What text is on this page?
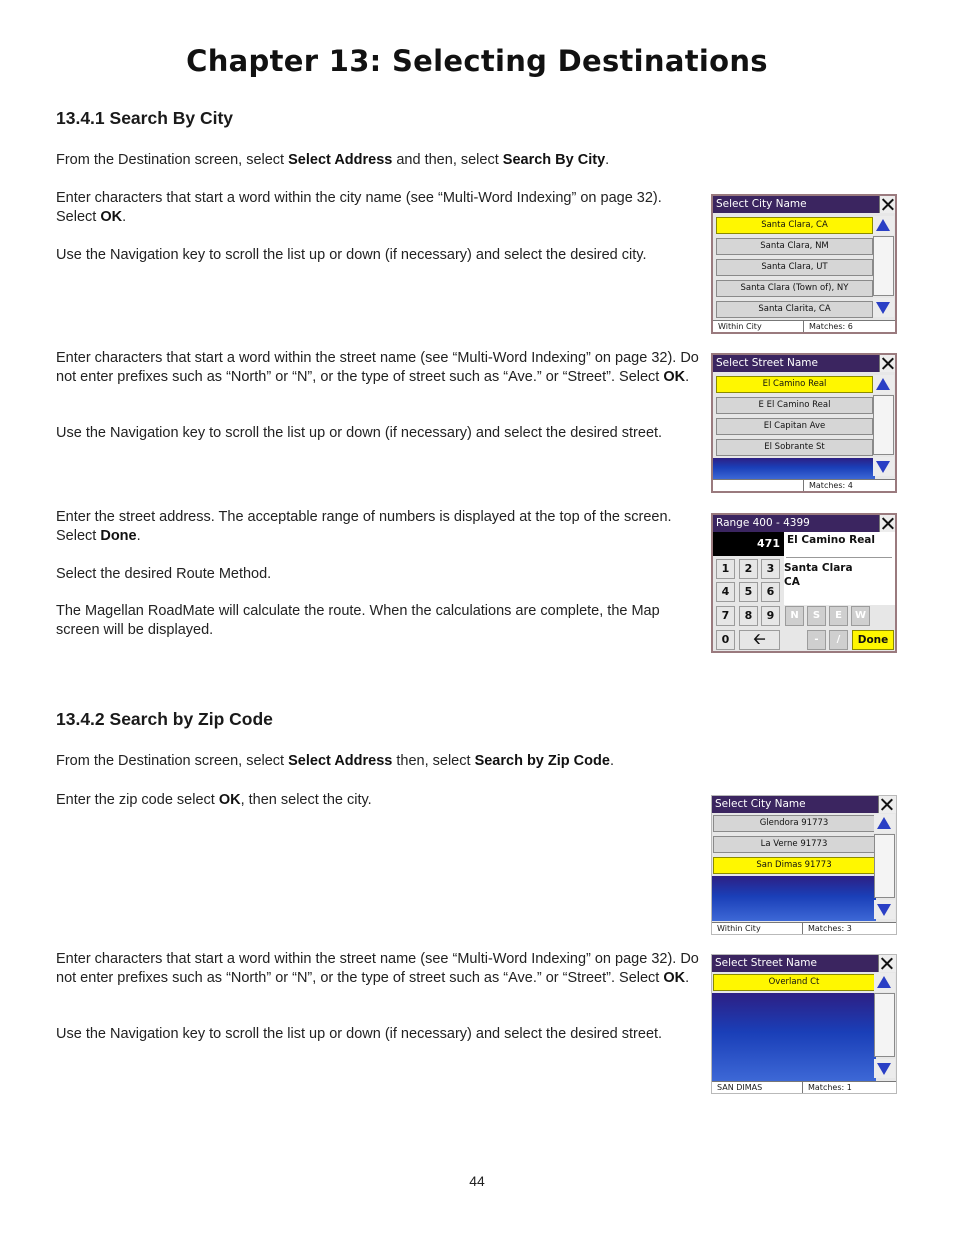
Chapter 13: Selecting Destinations
13.4.1 Search By City
From the Destination screen, select Select Address and then, select Search By City.
Enter characters that start a word within the city name (see “Multi-Word Indexing” on page 32). Select OK.
Use the Navigation key to scroll the list up or down (if necessary) and select the desired city.
Enter characters that start a word within the street name (see “Multi-Word Indexing” on page 32). Do not enter prefixes such as “North” or “N”, or the type of street such as “Ave.” or “Street”. Select OK.
Use the Navigation key to scroll the list up or down (if necessary) and select the desired street.
Enter the street address. The acceptable range of numbers is displayed at the top of the screen. Select Done.
Select the desired Route Method.
The Magellan RoadMate will calculate the route. When the calculations are complete, the Map screen will be displayed.
13.4.2 Search by Zip Code
From the Destination screen, select Select Address then, select Search by Zip Code.
Enter the zip code select OK, then select the city.
Enter characters that start a word within the street name (see “Multi-Word Indexing” on page 32). Do not enter prefixes such as “North” or “N”, or the type of street such as “Ave.” or “Street”. Select OK.
Use the Navigation key to scroll the list up or down (if necessary) and select the desired street.
Select City Name
Santa Clara, CA
Santa Clara, NM
Santa Clara, UT
Santa Clara (Town of), NY
Santa Clarita, CA
Within City	Matches: 6
Select Street Name
El Camino Real
E El Camino Real
El Capitan Ave
El Sobrante St
Matches: 4
Range 400 - 4399
471 El Camino Real
Santa Clara
CA
1	2	3
4	5	6
7	8	9
0	🡠
N	S	E	W
-	/	Done
Select City Name
Glendora 91773
La Verne 91773
San Dimas 91773
Within City	Matches: 3
Select Street Name
Overland Ct
SAN DIMAS	Matches: 1
44
